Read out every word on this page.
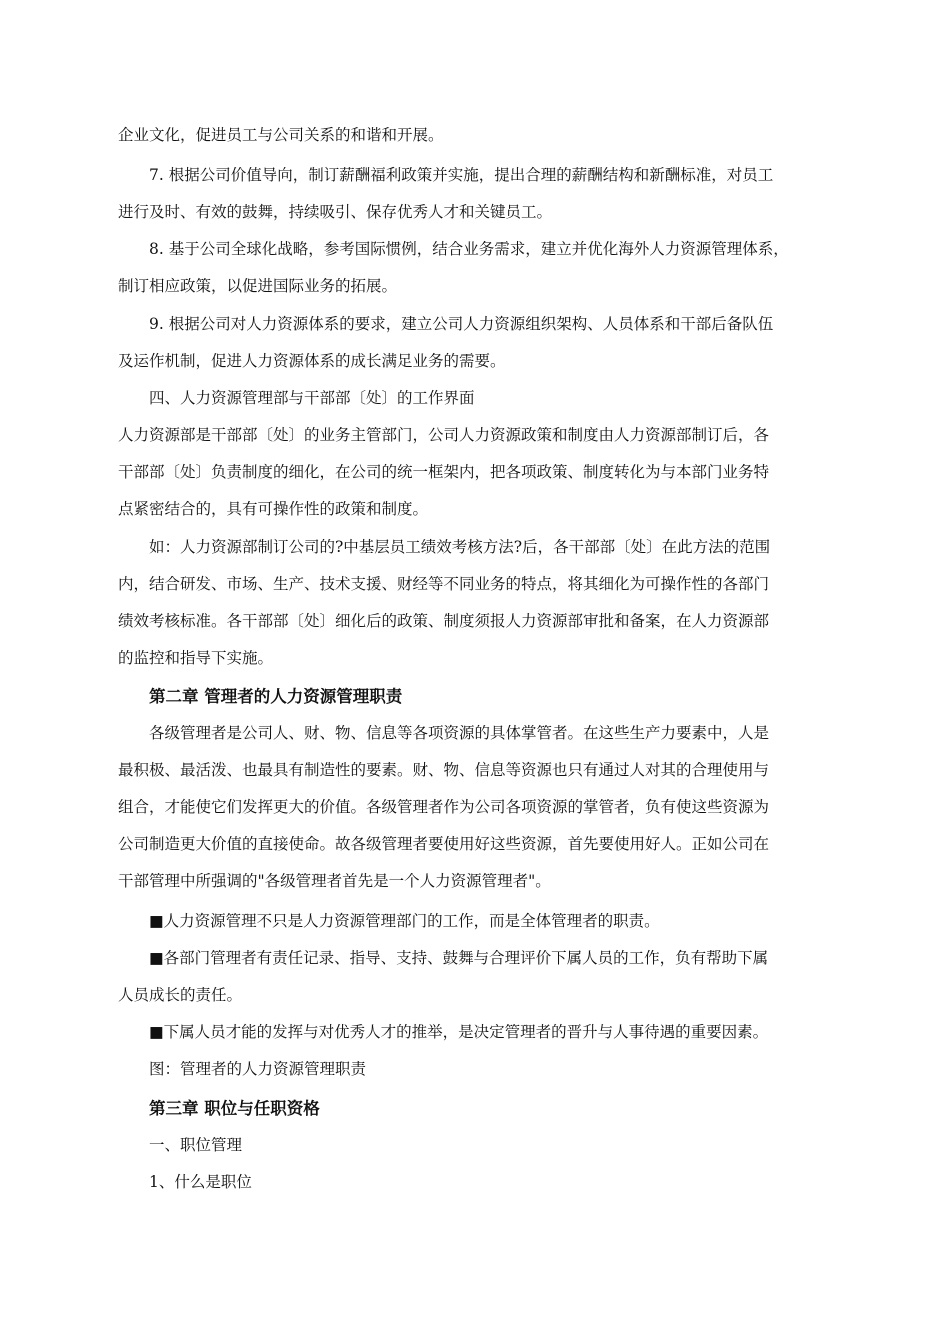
企业文化，促进员工与公司关系的和谐和开展。
7. 根据公司价值导向，制订薪酬福利政策并实施，提出合理的薪酬结构和新酬标准，对员工
进行及时、有效的鼓舞，持续吸引、保存优秀人才和关键员工。
8. 基于公司全球化战略，参考国际惯例，结合业务需求，建立并优化海外人力资源管理体系，
制订相应政策，以促进国际业务的拓展。
9. 根据公司对人力资源体系的要求，建立公司人力资源组织架构、人员体系和干部后备队伍
及运作机制，促进人力资源体系的成长满足业务的需要。
四、人力资源管理部与干部部〔处〕的工作界面
人力资源部是干部部〔处〕的业务主管部门，公司人力资源政策和制度由人力资源部制订后，各
干部部〔处〕负责制度的细化，在公司的统一框架内，把各项政策、制度转化为与本部门业务特
点紧密结合的，具有可操作性的政策和制度。
如：人力资源部制订公司的?中基层员工绩效考核方法?后，各干部部〔处〕在此方法的范围
内，结合研发、市场、生产、技术支援、财经等不同业务的特点，将其细化为可操作性的各部门
绩效考核标准。各干部部〔处〕细化后的政策、制度须报人力资源部审批和备案，在人力资源部
的监控和指导下实施。
第二章 管理者的人力资源管理职责
各级管理者是公司人、财、物、信息等各项资源的具体掌管者。在这些生产力要素中，人是
最积极、最活泼、也最具有制造性的要素。财、物、信息等资源也只有通过人对其的合理使用与
组合，才能使它们发挥更大的价值。各级管理者作为公司各项资源的掌管者，负有使这些资源为
公司制造更大价值的直接使命。故各级管理者要使用好这些资源，首先要使用好人。正如公司在
干部管理中所强调的"各级管理者首先是一个人力资源管理者"。
■人力资源管理不只是人力资源管理部门的工作，而是全体管理者的职责。
■各部门管理者有责任记录、指导、支持、鼓舞与合理评价下属人员的工作，负有帮助下属
人员成长的责任。
■下属人员才能的发挥与对优秀人才的推举，是决定管理者的晋升与人事待遇的重要因素。
图：管理者的人力资源管理职责
第三章 职位与任职资格
一、职位管理
1、什么是职位
